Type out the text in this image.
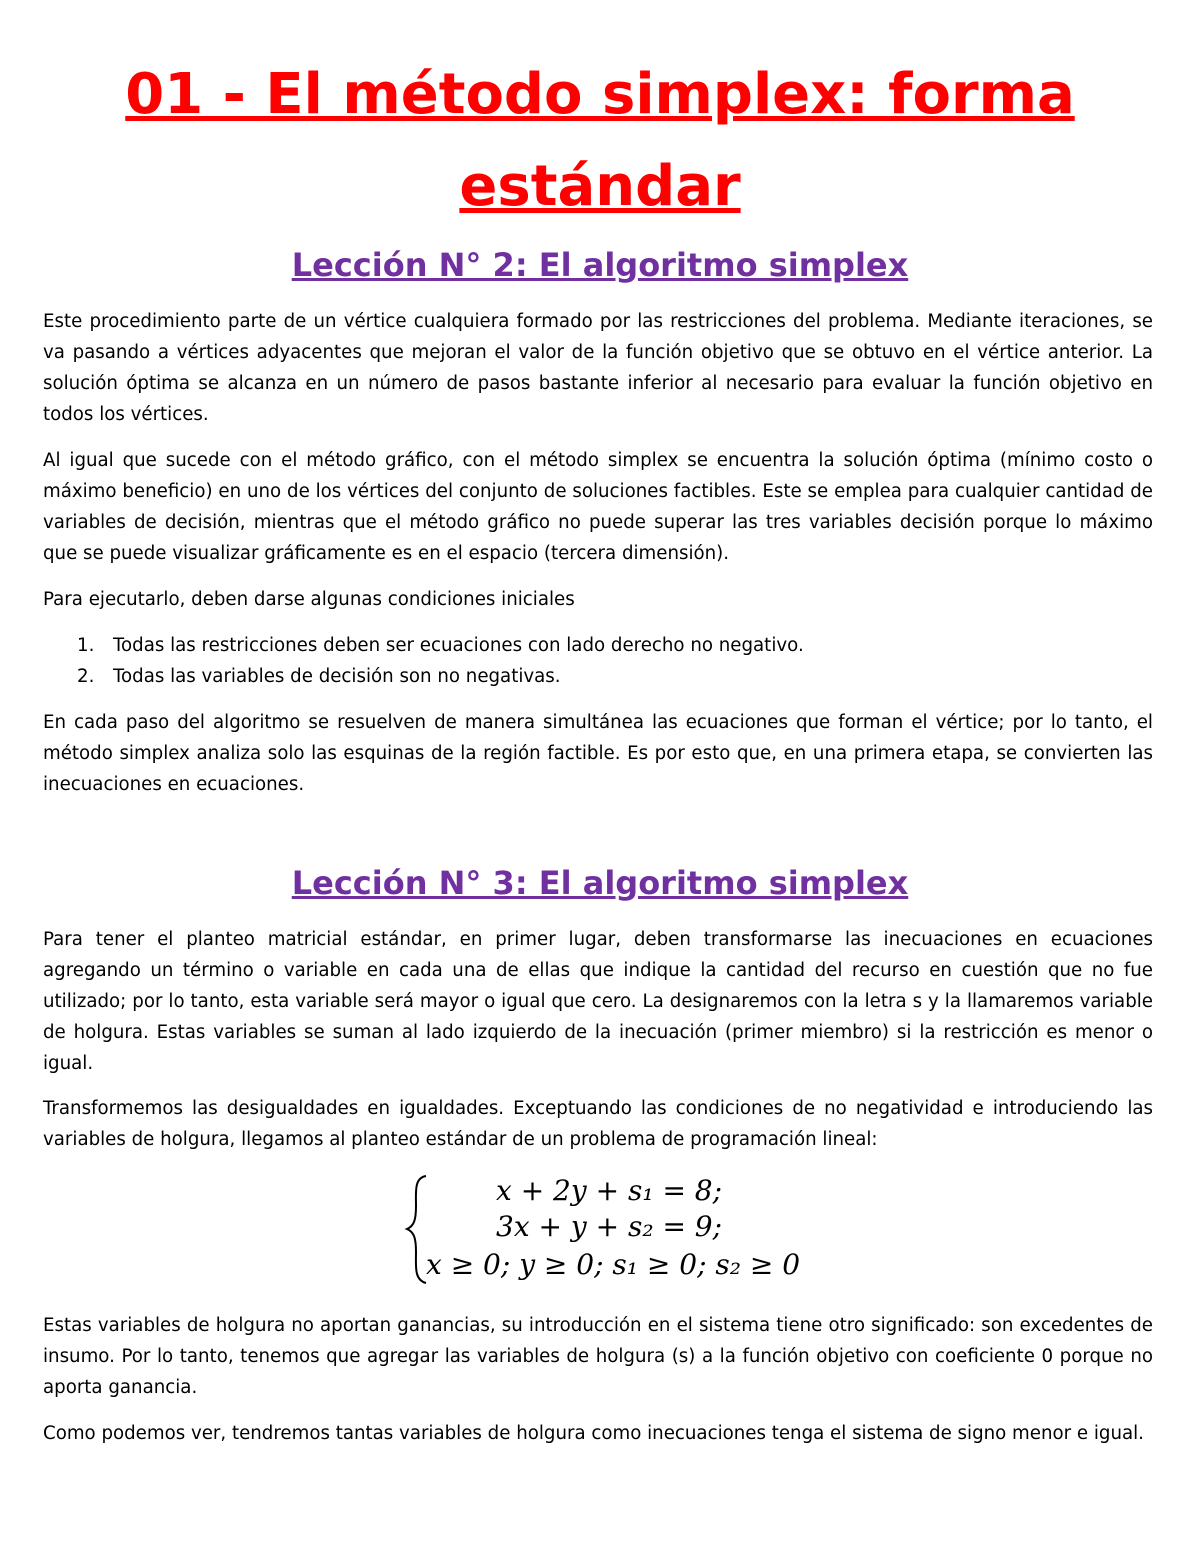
01 - El método simplex: forma
estándar
Lección N° 2: El algoritmo simplex

Este procedimiento parte de un vértice cualquiera formado por las restricciones del problema. Mediante iteraciones, se va pasando a vértices adyacentes que mejoran el valor de la función objetivo que se obtuvo en el vértice anterior. La solución óptima se alcanza en un número de pasos bastante inferior al necesario para evaluar la función objetivo en todos los vértices.

Al igual que sucede con el método gráfico, con el método simplex se encuentra la solución óptima (mínimo costo o máximo beneficio) en uno de los vértices del conjunto de soluciones factibles. Este se emplea para cualquier cantidad de variables de decisión, mientras que el método gráfico no puede superar las tres variables decisión porque lo máximo que se puede visualizar gráficamente es en el espacio (tercera dimensión).

Para ejecutarlo, deben darse algunas condiciones iniciales

1. Todas las restricciones deben ser ecuaciones con lado derecho no negativo.
2. Todas las variables de decisión son no negativas.

En cada paso del algoritmo se resuelven de manera simultánea las ecuaciones que forman el vértice; por lo tanto, el método simplex analiza solo las esquinas de la región factible. Es por esto que, en una primera etapa, se convierten las inecuaciones en ecuaciones.

Lección N° 3: El algoritmo simplex

Para tener el planteo matricial estándar, en primer lugar, deben transformarse las inecuaciones en ecuaciones agregando un término o variable en cada una de ellas que indique la cantidad del recurso en cuestión que no fue utilizado; por lo tanto, esta variable será mayor o igual que cero. La designaremos con la letra s y la llamaremos variable de holgura. Estas variables se suman al lado izquierdo de la inecuación (primer miembro) si la restricción es menor o igual.

Transformemos las desigualdades en igualdades. Exceptuando las condiciones de no negatividad e introduciendo las variables de holgura, llegamos al planteo estándar de un problema de programación lineal:

x + 2y + s₁ = 8;
3x + y + s₂ = 9;
x ≥ 0; y ≥ 0; s₁ ≥ 0; s₂ ≥ 0

Estas variables de holgura no aportan ganancias, su introducción en el sistema tiene otro significado: son excedentes de insumo. Por lo tanto, tenemos que agregar las variables de holgura (s) a la función objetivo con coeficiente 0 porque no aporta ganancia.

Como podemos ver, tendremos tantas variables de holgura como inecuaciones tenga el sistema de signo menor e igual.
